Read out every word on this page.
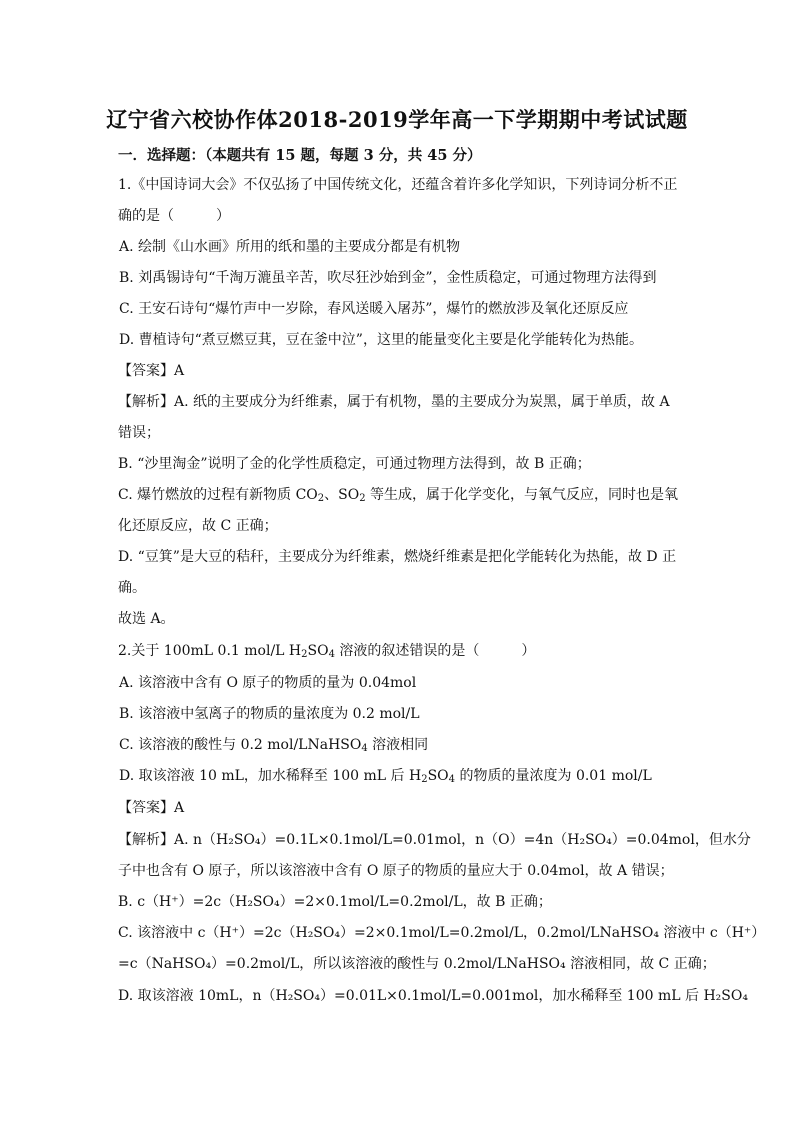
辽宁省六校协作体2018-2019学年高一下学期期中考试试题
一．选择题：（本题共有 15 题，每题 3 分，共 45 分）
1.《中国诗词大会》不仅弘扬了中国传统文化，还蕴含着许多化学知识，下列诗词分析不正
确的是（　　　）
A. 绘制《山水画》所用的纸和墨的主要成分都是有机物
B. 刘禹锡诗句“千淘万漉虽辛苦，吹尽狂沙始到金”，金性质稳定，可通过物理方法得到
C. 王安石诗句“爆竹声中一岁除，春风送暖入屠苏”，爆竹的燃放涉及氧化还原反应
D. 曹植诗句“煮豆燃豆萁，豆在釜中泣”，这里的能量变化主要是化学能转化为热能。
【答案】A
【解析】A. 纸的主要成分为纤维素，属于有机物，墨的主要成分为炭黑，属于单质，故 A
错误；
B. “沙里淘金”说明了金的化学性质稳定，可通过物理方法得到，故 B 正确；
C. 爆竹燃放的过程有新物质 $CO_2$、$SO_2$ 等生成，属于化学变化，与氧气反应，同时也是氧
化还原反应，故 C 正确；
D. “豆箕”是大豆的秸秆，主要成分为纤维素，燃烧纤维素是把化学能转化为热能，故 D 正
确。
故选 A。
2.关于 100mL 0.1 mol/L $H_2SO_4$ 溶液的叙述错误的是（　　　）
A. 该溶液中含有 O 原子的物质的量为 0.04mol
B. 该溶液中氢离子的物质的量浓度为 0.2 mol/L
C. 该溶液的酸性与 0.2 mol/LNaHSO$_4$ 溶液相同
D. 取该溶液 10 mL，加水稀释至 100 mL 后 $H_2SO_4$ 的物质的量浓度为 0.01 mol/L
【答案】A
【解析】A. n（H₂SO₄）=0.1L×0.1mol/L=0.01mol，n（O）=4n（H₂SO₄）=0.04mol，但水分
子中也含有 O 原子，所以该溶液中含有 O 原子的物质的量应大于 0.04mol，故 A 错误；
B. c（H⁺）=2c（H₂SO₄）=2×0.1mol/L=0.2mol/L，故 B 正确；
C. 该溶液中 c（H⁺）=2c（H₂SO₄）=2×0.1mol/L=0.2mol/L，0.2mol/LNaHSO₄ 溶液中 c（H⁺）
=c（NaHSO₄）=0.2mol/L，所以该溶液的酸性与 0.2mol/LNaHSO₄ 溶液相同，故 C 正确；
D. 取该溶液 10mL，n（H₂SO₄）=0.01L×0.1mol/L=0.001mol，加水稀释至 100 mL 后 H₂SO₄
